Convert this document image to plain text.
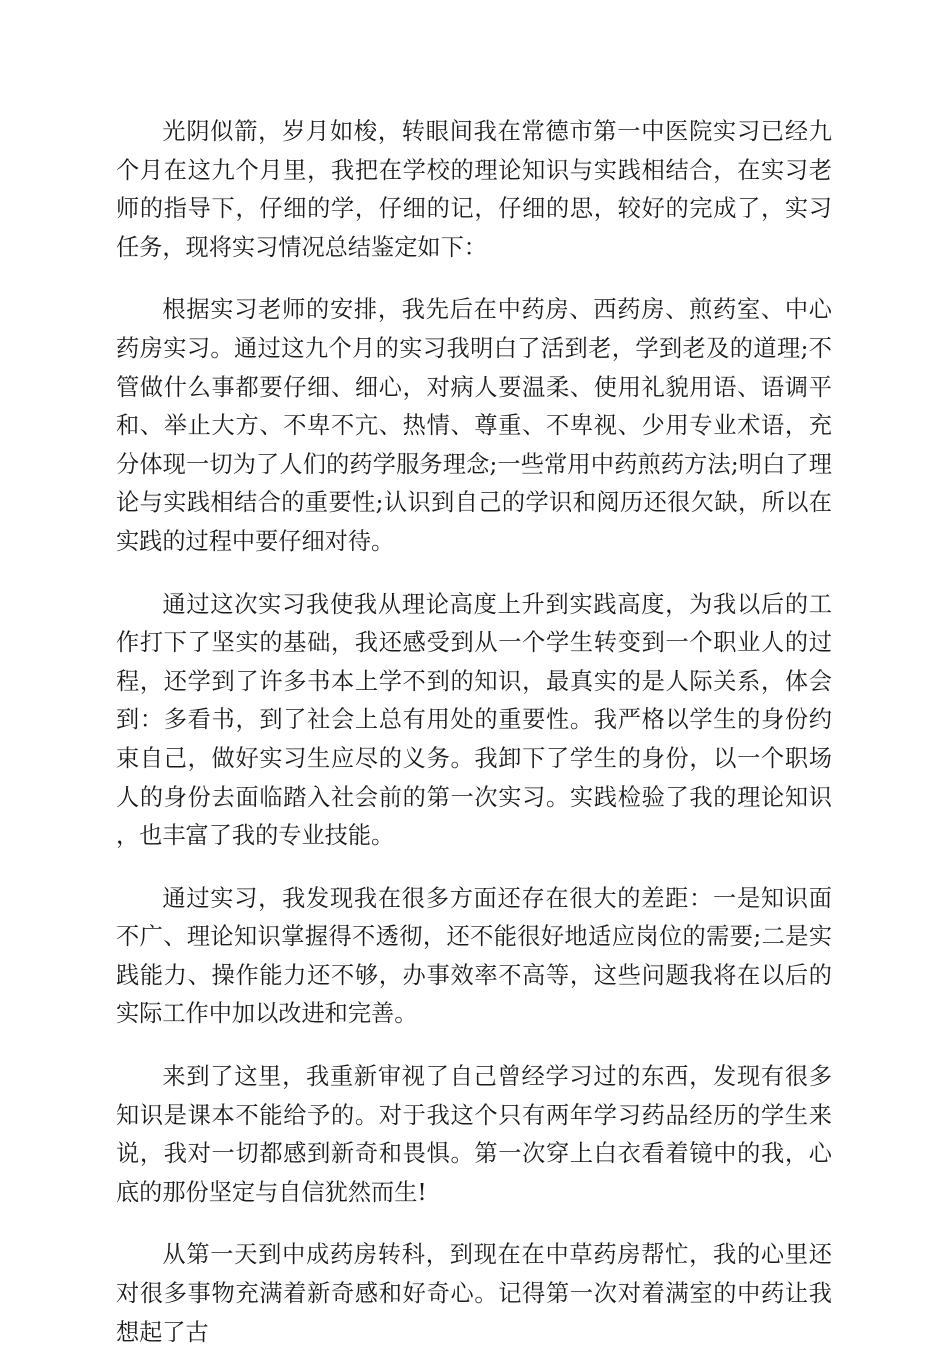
光阴似箭，岁月如梭，转眼间我在常德市第一中医院实习已经九个月在这九个月里，我把在学校的理论知识与实践相结合，在实习老师的指导下，仔细的学，仔细的记，仔细的思，较好的完成了，实习任务，现将实习情况总结鉴定如下：

根据实习老师的安排，我先后在中药房、西药房、煎药室、中心药房实习。通过这九个月的实习我明白了活到老，学到老及的道理;不管做什么事都要仔细、细心，对病人要温柔、使用礼貌用语、语调平和、举止大方、不卑不亢、热情、尊重、不卑视、少用专业术语，充分体现一切为了人们的药学服务理念;一些常用中药煎药方法;明白了理论与实践相结合的重要性;认识到自己的学识和阅历还很欠缺，所以在实践的过程中要仔细对待。

通过这次实习我使我从理论高度上升到实践高度，为我以后的工作打下了坚实的基础，我还感受到从一个学生转变到一个职业人的过程，还学到了许多书本上学不到的知识，最真实的是人际关系，体会到：多看书，到了社会上总有用处的重要性。我严格以学生的身份约束自己，做好实习生应尽的义务。我卸下了学生的身份，以一个职场人的身份去面临踏入社会前的第一次实习。实践检验了我的理论知识，也丰富了我的专业技能。

通过实习，我发现我在很多方面还存在很大的差距：一是知识面不广、理论知识掌握得不透彻，还不能很好地适应岗位的需要;二是实践能力、操作能力还不够，办事效率不高等，这些问题我将在以后的实际工作中加以改进和完善。

来到了这里，我重新审视了自己曾经学习过的东西，发现有很多知识是课本不能给予的。对于我这个只有两年学习药品经历的学生来说，我对一切都感到新奇和畏惧。第一次穿上白衣看着镜中的我，心底的那份坚定与自信犹然而生!

从第一天到中成药房转科，到现在在中草药房帮忙，我的心里还对很多事物充满着新奇感和好奇心。记得第一次对着满室的中药让我想起了古
